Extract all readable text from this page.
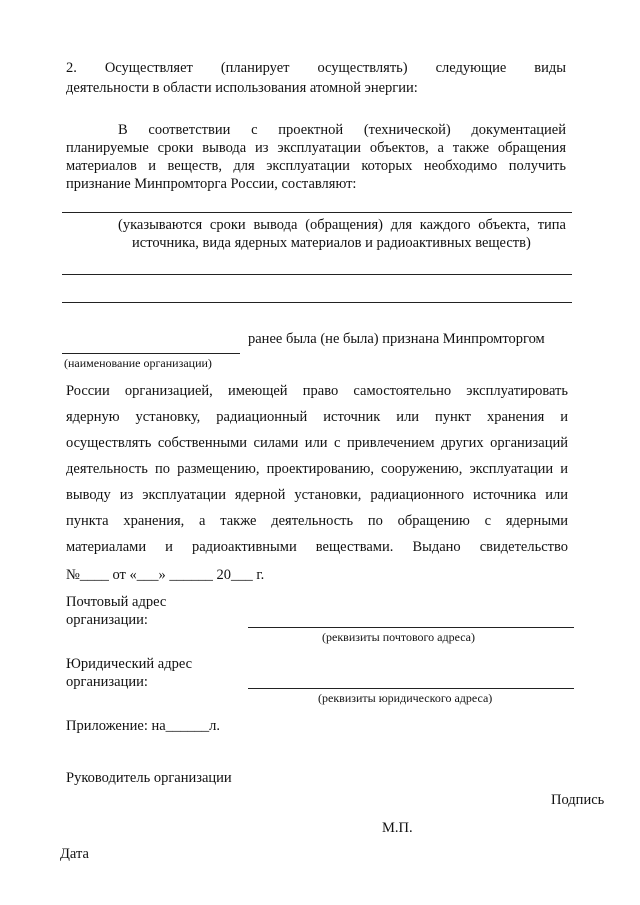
2. Осуществляет (планирует осуществлять) следующие виды
деятельности в области использования атомной энергии:
В соответствии с проектной (технической) документацией
планируемые сроки вывода из эксплуатации объектов, а также обращения
материалов и веществ, для эксплуатации которых необходимо получить
признание Минпромторга России, составляют:
(указываются сроки вывода (обращения) для каждого объекта, типа
источника, вида ядерных материалов и радиоактивных веществ)
ранее была (не была) признана Минпромторгом
(наименование организации)
России организацией, имеющей право самостоятельно эксплуатировать
ядерную установку, радиационный источник или пункт хранения и
осуществлять собственными силами или с привлечением других организаций
деятельность по размещению, проектированию, сооружению, эксплуатации и
выводу из эксплуатации ядерной установки, радиационного источника или
пункта хранения, а также деятельность по обращению с ядерными
материалами и радиоактивными веществами. Выдано свидетельство
№____ от «___» ______ 20___ г.
Почтовый адрес
организации:
(реквизиты почтового адреса)
Юридический адрес
организации:
(реквизиты юридического адреса)
Приложение: на______л.
Руководитель организации
Подпись
М.П.
Дата
